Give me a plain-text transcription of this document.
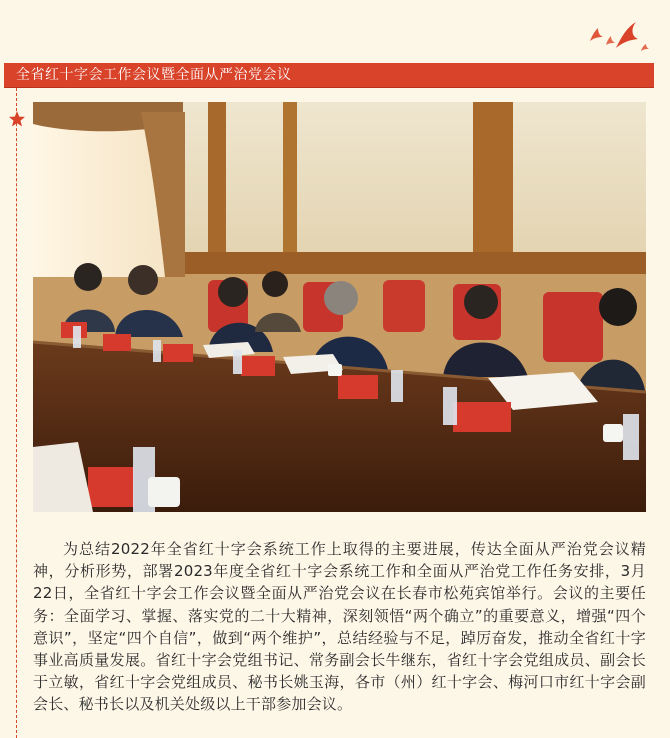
全省红十字会工作会议暨全面从严治党会议

为总结2022年全省红十字会系统工作上取得的主要进展，传达全面从严治党会议精神，分析形势，部署2023年度全省红十字会系统工作和全面从严治党工作任务安排，3月22日，全省红十字会工作会议暨全面从严治党会议在长春市松苑宾馆举行。会议的主要任务：全面学习、掌握、落实党的二十大精神，深刻领悟“两个确立”的重要意义，增强“四个意识”，坚定“四个自信”，做到“两个维护”，总结经验与不足，踔厉奋发，推动全省红十字事业高质量发展。省红十字会党组书记、常务副会长牛继东，省红十字会党组成员、副会长于立敏，省红十字会党组成员、秘书长姚玉海，各市（州）红十字会、梅河口市红十字会副会长、秘书长以及机关处级以上干部参加会议。
